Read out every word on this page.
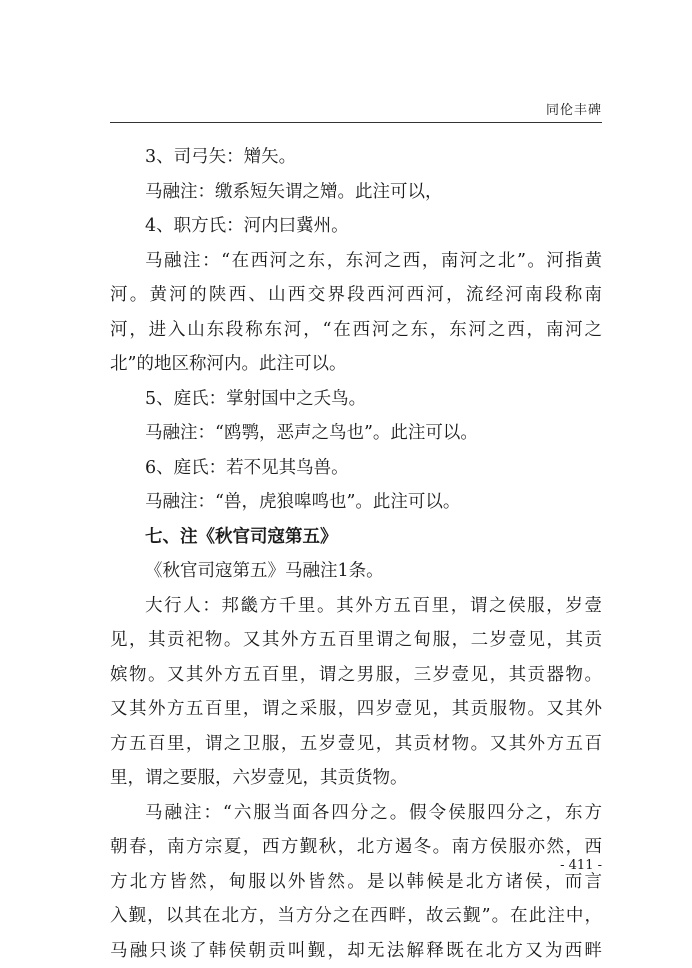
同伦丰碑
3、司弓矢：矰矢。
马融注：缴系短矢谓之矰。此注可以，
4、职方氏：河内曰冀州。
马融注：“在西河之东，东河之西，南河之北”。河指黄
河。黄河的陕西、山西交界段西河西河，流经河南段称南
河，进入山东段称东河，“在西河之东，东河之西，南河之
北”的地区称河内。此注可以。
5、庭氏：掌射国中之夭鸟。
马融注：“鸥鹗，恶声之鸟也”。此注可以。
6、庭氏：若不见其鸟兽。
马融注：“兽，虎狼嗥鸣也”。此注可以。
七、注《秋官司寇第五》
《秋官司寇第五》马融注1条。
大行人：邦畿方千里。其外方五百里，谓之侯服，岁壹
见，其贡祀物。又其外方五百里谓之甸服，二岁壹见，其贡
嫔物。又其外方五百里，谓之男服，三岁壹见，其贡器物。
又其外方五百里，谓之采服，四岁壹见，其贡服物。又其外
方五百里，谓之卫服，五岁壹见，其贡材物。又其外方五百
里，谓之要服，六岁壹见，其贡货物。
马融注：“六服当面各四分之。假令侯服四分之，东方
朝春，南方宗夏，西方觐秋，北方遏冬。南方侯服亦然，西
方北方皆然，甸服以外皆然。是以韩候是北方诸侯，而言
入觐，以其在北方，当方分之在西畔，故云觐”。在此注中，
马融只谈了韩侯朝贡叫觐，却无法解释既在北方又为西畔
- 411 -
